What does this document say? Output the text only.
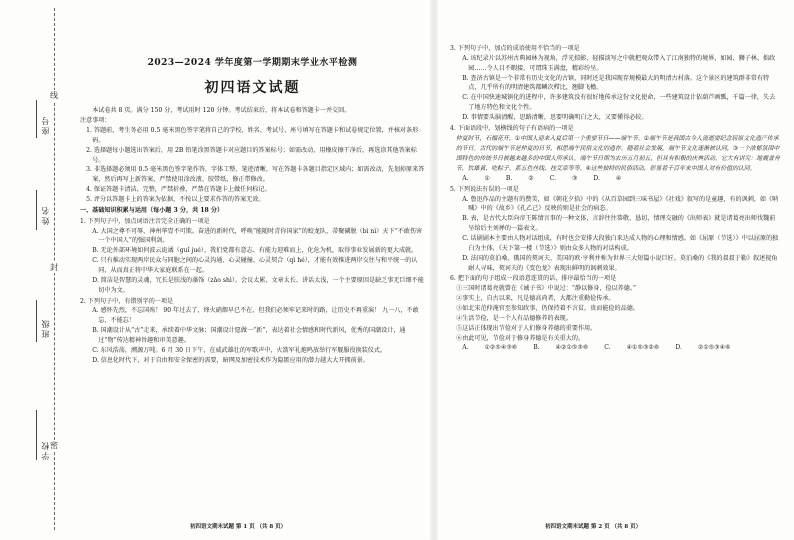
座号
姓名
班级
学校
线
封
密

2023—2024 学年度第一学期期末学业水平检测

初四语文试题

本试卷共 8 页。满分 150 分，考试用时 120 分钟。考试结束后，将本试卷和答题卡一并交回。

注意事项：

1. 答题前，考生务必用 0.5 毫米黑色签字笔将自己的学校、姓名、考试号、座号填写在答题卡和试卷规定位置，并核对条形码。

2. 选择题每小题选出答案后，用 2B 铅笔涂黑答题卡对应题目的答案标号；如需改动，用橡皮擦干净后，再选涂其他答案标号。

3. 非选择题必须用 0.5 毫米黑色签字笔作答，字体工整、笔迹清晰，写在答题卡各题目指定区域内；如需改动，先划掉原来答案，然后再写上新答案，严禁使用涂改液、胶带纸、修正带修改。

4. 保证答题卡清洁、完整，严禁折叠，严禁在答题卡上做任何标记。

5. 评分以答题卡上的答案为依据，不按以上要求作答的答案无效。

一、基础知识积累与运用（每小题 3 分，共 18 分）

1. 下列句子中，加点词语注音完全正确的一项是

A. 大国之尊不可辱，神州华胄不可欺。奋进的新时代，呼唤“能随时青你国家”的蛟龙队，蒂聚磷脱（bì nì）天下“不敢伤害一个中国人”的强国利剑。

B. 无论外部环境如何波云诡谲（guǐ jué），我们党都有意志、有能力迎难而上，化危为机，取得事业发展新的更大成就。

C. 只有推动实现两岸民众与同胞之间的心灵沟通、心灵碰撞、心灵契合（qì hé），才能有效推进两岸交往与和平统一的认同，从而真正将中华大家庭联系在一起。

D. 简洁是智慧的灵魂，冗长是肤浅的藻饰（zǎo shì）。会议太累、文章太长、讲话太浅，一个主要原因是缺乏事无巨细不能切中为文。

2. 下列句子中，有错别字的一项是

A. 感怀先烈，不忘国殇！ 90 年过去了，烽火硝烟早已不在，但我们必须牢记来时的路，让历史不再重演！ 九一八，不敢忘，不能忘！

B. 国潮设计从“古”走来，承续着中华文脉；国潮设计愿做一“新”，表达着社会情感和时代新风，优秀的国潮设计，通过“物”传达精神旨趣和审美意趣。

C. 东风浩荡，溯源万吨。6 月 30 日下午，在威武雄壮的军歌声中，火箭军礼炮鸣放举行军舰服役换装仪式。

D. 信息化时代下，对于自由和安全保密的需要，暗网及加密技术作为隐匿应用的潜力越大大开拥前景。

3. 下列句子中，加点的成语使用不恰当的一项是

A. 该纪录片以苏州古典园林为视角，浮光掠影，轻描淡写之中就把观众带入了江南独特的境界，如园、狮子林、拙政园……令人目不暇接，可谓珠玉满盘，精彩纷呈。

B. 查济古镇是一个非常有历史文化的古镇，同时还是我国现存规模最大的明清古村落。这个景区的建筑群非常有特点，几乎所有的明清建筑都鳞次栉比，翘脚飞檐。

C. 在中国快速城镇化的进程中，许多建筑没有很好地传承这份文化使命，一些建筑设计依葫芦画瓢，千篇一律，失去了地方特色和文化个性。

D. 事情要头脑清醒，思路清晰，思要明确明白之大，又要懂得必较。

4. 下面语段中，划横线的句子有语病的一项是

仲夏时节，石榴花开，①中国人迎来入夏后第一个重要节日——端午节。②端午节是我国古今人流逝要纪念屈原文化遗产传承的节日。古代的端午节是仲夏的日节，相思端午民俗文化的遗存。随着社会发展，端午节文化逐渐被认同，③一个浓郁氛围中国特色的传统节日被越来越多的中国人所承认。端午节日期为农历五月初五，但具有积极的庆典活动，它大有讲究：地震普舟节，饮雄黄、吃粽子、系五色丝线、挂艾草等等。④这些独特的民俗活动，彰显着千百年来中国人对有价值的认同。

A. ①	B. ②	C. ③	D. ④

5. 下列说法有误的一项是

A. 鲁迅作品的主题有的赞美，如《朝花夕拾》中的《从百草园到三味书屋》《社戏》叙写的是童趣，有的讽刺，如《呐喊》中的《故乡》《孔乙己》反映的则是社会的病态。

B. 表，是古代大臣向帝王陈情言事的一种文体，言辞往往恭敬、恳切，情理交融的《出师表》就是诸葛亮出师伐魏前呈给后主刘禅的一篇表文。

C. 话剧剧本主要由人物对话组成，有时也会安排大段独白来达成人物的心理和情感。如《屈原（节选）》中以屈原的独白为主体，《天下第一楼（节选）》则由众多人物的对话构成。

D. 法国的莫泊桑、俄国的契诃夫、美国的欧·亨利并称为世界三大短篇小说巨匠。莫泊桑的《我的叔叔于勒》叙述视角耐人寻味，契诃夫的《变色龙》表现出鲜明的讽刺效果。

6. 把下面的句子组成一段语意连贯的话，排序最恰当的一项是

①三国时诸葛亮就曾在《诫子书》中说过：“静以修身，俭以养德。”

②事实上，自古以来，凡是德高尚者，大都注重勤俭传承。

③如北宋范仲淹官至参知政事，仍保持着不言贫，贵而能俭的品德。

④生活节俭，是一个人有品德修养的表现。

⑤这话正体现出节俭对于人们修身养德的重要作用。

⑥由此可见，节俭对于修身养德是有关重大的。

A. ①②⑤④③⑥	B. ④②①⑤③⑥	C. ④①⑤③②⑥	D. ②①⑤③④⑥

初四语文期末试题 第 1 页 （共 8 页）	初四语文期末试题 第 2 页 （共 8 页）
